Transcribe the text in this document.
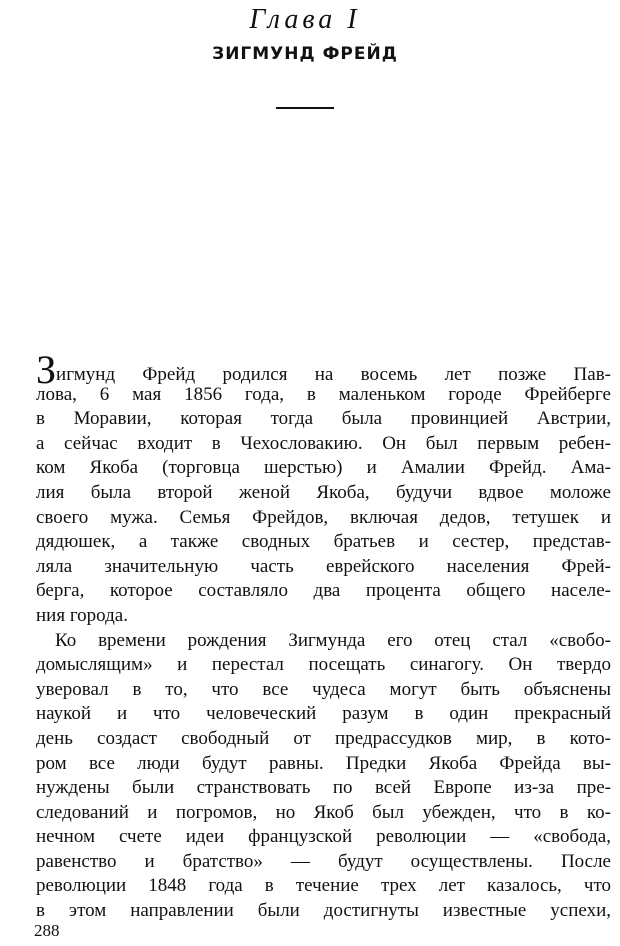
Глава I
ЗИГМУНД ФРЕЙД
Зигмунд Фрейд родился на восемь лет позже Пав-
лова, 6 мая 1856 года, в маленьком городе Фрейберге
в Моравии, которая тогда была провинцией Австрии,
а сейчас входит в Чехословакию. Он был первым ребен-
ком Якоба (торговца шерстью) и Амалии Фрейд. Ама-
лия была второй женой Якоба, будучи вдвое моложе
своего мужа. Семья Фрейдов, включая дедов, тетушек и
дядюшек, а также сводных братьев и сестер, представ-
ляла значительную часть еврейского населения Фрей-
берга, которое составляло два процента общего населе-
ния города.
Ко времени рождения Зигмунда его отец стал «свобо-
домыслящим» и перестал посещать синагогу. Он твердо
уверовал в то, что все чудеса могут быть объяснены
наукой и что человеческий разум в один прекрасный
день создаст свободный от предрассудков мир, в кото-
ром все люди будут равны. Предки Якоба Фрейда вы-
нуждены были странствовать по всей Европе из-за пре-
следований и погромов, но Якоб был убежден, что в ко-
нечном счете идеи французской революции — «свобода,
равенство и братство» — будут осуществлены. После
революции 1848 года в течение трех лет казалось, что
в этом направлении были достигнуты известные успехи,
288
